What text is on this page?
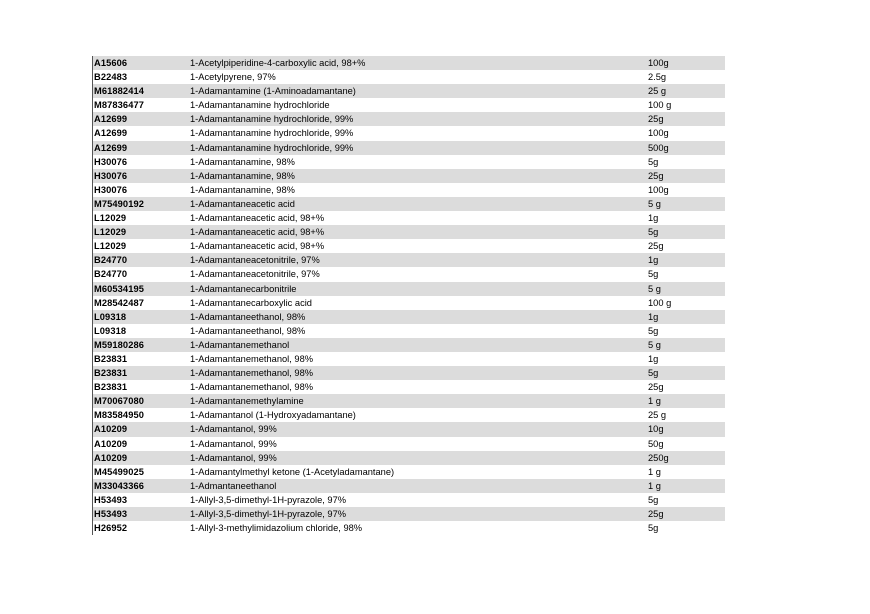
A15606	1-Acetylpiperidine-4-carboxylic acid, 98+%	100g
B22483	1-Acetylpyrene, 97%	2.5g
M61882414	1-Adamantamine (1-Aminoadamantane)	25 g
M87836477	1-Adamantanamine hydrochloride	100 g
A12699	1-Adamantanamine hydrochloride, 99%	25g
A12699	1-Adamantanamine hydrochloride, 99%	100g
A12699	1-Adamantanamine hydrochloride, 99%	500g
H30076	1-Adamantanamine, 98%	5g
H30076	1-Adamantanamine, 98%	25g
H30076	1-Adamantanamine, 98%	100g
M75490192	1-Adamantaneacetic acid	5 g
L12029	1-Adamantaneacetic acid, 98+%	1g
L12029	1-Adamantaneacetic acid, 98+%	5g
L12029	1-Adamantaneacetic acid, 98+%	25g
B24770	1-Adamantaneacetonitrile, 97%	1g
B24770	1-Adamantaneacetonitrile, 97%	5g
M60534195	1-Adamantanecarbonitrile	5 g
M28542487	1-Adamantanecarboxylic acid	100 g
L09318	1-Adamantaneethanol, 98%	1g
L09318	1-Adamantaneethanol, 98%	5g
M59180286	1-Adamantanemethanol	5 g
B23831	1-Adamantanemethanol, 98%	1g
B23831	1-Adamantanemethanol, 98%	5g
B23831	1-Adamantanemethanol, 98%	25g
M70067080	1-Adamantanemethylamine	1 g
M83584950	1-Adamantanol (1-Hydroxyadamantane)	25 g
A10209	1-Adamantanol, 99%	10g
A10209	1-Adamantanol, 99%	50g
A10209	1-Adamantanol, 99%	250g
M45499025	1-Adamantylmethyl ketone (1-Acetyladamantane)	1 g
M33043366	1-Admantaneethanol	1 g
H53493	1-Allyl-3,5-dimethyl-1H-pyrazole, 97%	5g
H53493	1-Allyl-3,5-dimethyl-1H-pyrazole, 97%	25g
H26952	1-Allyl-3-methylimidazolium chloride, 98%	5g
